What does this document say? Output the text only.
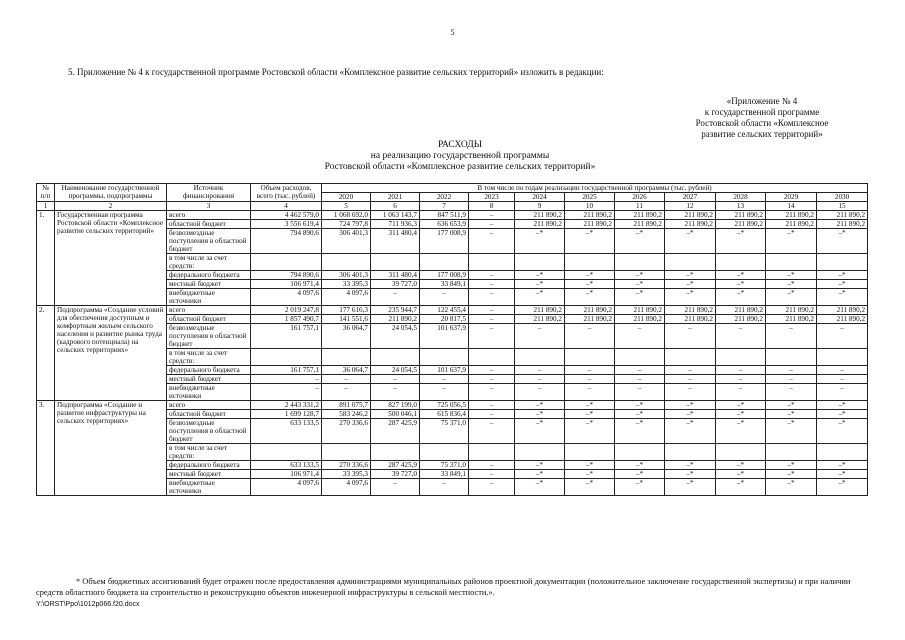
5
5. Приложение № 4 к государственной программе Ростовской области «Комплексное развитие сельских территорий» изложить в редакции:
«Приложение № 4
к государственной программе
Ростовской области «Комплексное
развитие сельских территорий»
РАСХОДЫ
на реализацию государственной программы
Ростовской области «Комплексное развитие сельских территорий»
№ п/п	Наименование государственной программы, подпрограммы	Источник финансирования	Объем расходов, всего (тыс. рублей)	В том числе по годам реализации государственной программы (тыс. рублей)										
				2020	2021	2022	2023	2024	2025	2026	2027	2028	2029	2030
1	2	3	4	5	6	7	8	9	10	11	12	13	14	15
1.	Государственная программа Ростовской области «Комплексное развитие сельских территорий»	всего	4 462 579,0	1 068 692,0	1 063 143,7	847 511,9	–	211 890,2	211 890,2	211 890,2	211 890,2	211 890,2	211 890,2	211 890,2
		областной бюджет	3 556 619,4	724 797,8	711 936,3	636 653,9	–	211 890,2	211 890,2	211 890,2	211 890,2	211 890,2	211 890,2	211 890,2
		безвозмездные поступления в областной бюджет	794 890,6	306 401,3	311 480,4	177 008,9	–	–*	–*	–*	–*	–*	–*	–*
		в том числе за счет средств:												
		федерального бюджета	794 890,6	306 401,3	311 480,4	177 008,9	–	–*	–*	–*	–*	–*	–*	–*
		местный бюджет	106 971,4	33 395,3	39 727,0	33 849,1	–	–*	–*	–*	–*	–*	–*	–*
		внебюджетные источники	4 097,6	4 097,6	–	–	–	–*	–*	–*	–*	–*	–*	–*
2.	Подпрограмма «Создание условий для обеспечения доступным и комфортным жильем сельского населения и развитие рынка труда (кадрового потенциала) на сельских территориях»	всего	2 019 247,8	177 616,3	235 944,7	122 455,4	–	211 890,2	211 890,2	211 890,2	211 890,2	211 890,2	211 890,2	211 890,2
		областной бюджет	1 857 490,7	141 551,6	211 890,2	20 817,5	–	211 890,2	211 890,2	211 890,2	211 890,2	211 890,2	211 890,2	211 890,2
		безвозмездные поступления в областной бюджет	161 757,1	36 064,7	24 054,5	101 637,9	–	–	–	–	–	–	–	–
		в том числе за счет средств:												
		федерального бюджета	161 757,1	36 064,7	24 054,5	101 637,9	–	–	–	–	–	–	–	–
		местный бюджет	–	–	–	–	–	–	–	–	–	–	–	–
		внебюджетные источники	–	–	–	–	–	–	–	–	–	–	–	–
3.	Подпрограмма «Создание и развитие инфраструктуры на сельских территориях»	всего	2 443 331,2	891 075,7	827 199,0	725 056,5	–	–*	–*	–*	–*	–*	–*	–*
		областной бюджет	1 699 128,7	583 246,2	500 046,1	615 836,4	–	–*	–*	–*	–*	–*	–*	–*
		безвозмездные поступления в областной бюджет	633 133,5	270 336,6	287 425,9	75 371,0	–	–*	–*	–*	–*	–*	–*	–*
		в том числе за счет средств:												
		федерального бюджета	633 133,5	270 336,6	287 425,9	75 371,0	–	–*	–*	–*	–*	–*	–*	–*
		местный бюджет	106 971,4	33 395,3	39 727,0	33 849,1	–	–*	–*	–*	–*	–*	–*	–*
		внебюджетные источники	4 097,6	4 097,6	–	–	–	–*	–*	–*	–*	–*	–*	–*
* Объем бюджетных ассигнований будет отражен после предоставления администрациями муниципальных районов проектной документации (положительное заключение государственной экспертизы) и при наличии средств областного бюджета на строительство и реконструкцию объектов инженерной инфраструктуры в сельской местности.».
Y:\ORST\Ppo\1012p066.f20.docx
